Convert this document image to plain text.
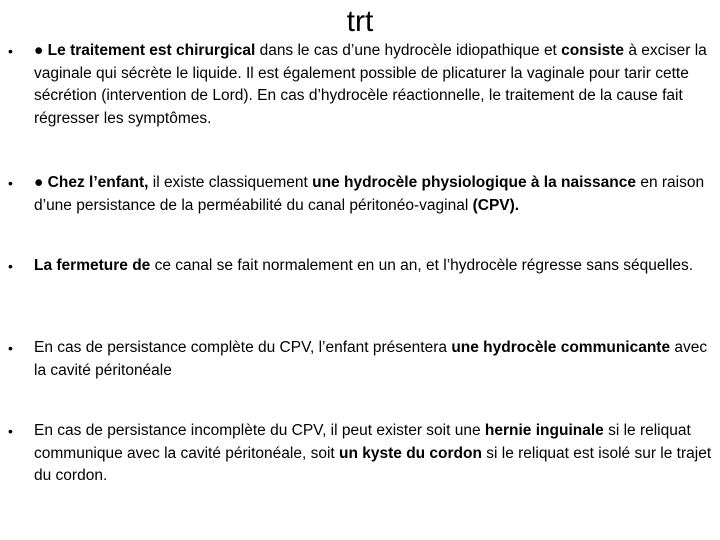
trt
• ● Le traitement est chirurgical dans le cas d’une hydrocèle idiopathique et consiste à exciser la vaginale qui sécrète le liquide. Il est également possible de plicaturer la vaginale pour tarir cette sécrétion (intervention de Lord). En cas d’hydrocèle réactionnelle, le traitement de la cause fait régresser les symptômes.

• ● Chez l’enfant, il existe classiquement une hydrocèle physiologique à la naissance en raison d’une persistance de la perméabilité du canal péritonéo-vaginal (CPV).

• La fermeture de ce canal se fait normalement en un an, et l’hydrocèle régresse sans séquelles.

• En cas de persistance complète du CPV, l’enfant présentera une hydrocèle communicante avec la cavité péritonéale

• En cas de persistance incomplète du CPV, il peut exister soit une hernie inguinale si le reliquat communique avec la cavité péritonéale, soit un kyste du cordon si le reliquat est isolé sur le trajet du cordon.
